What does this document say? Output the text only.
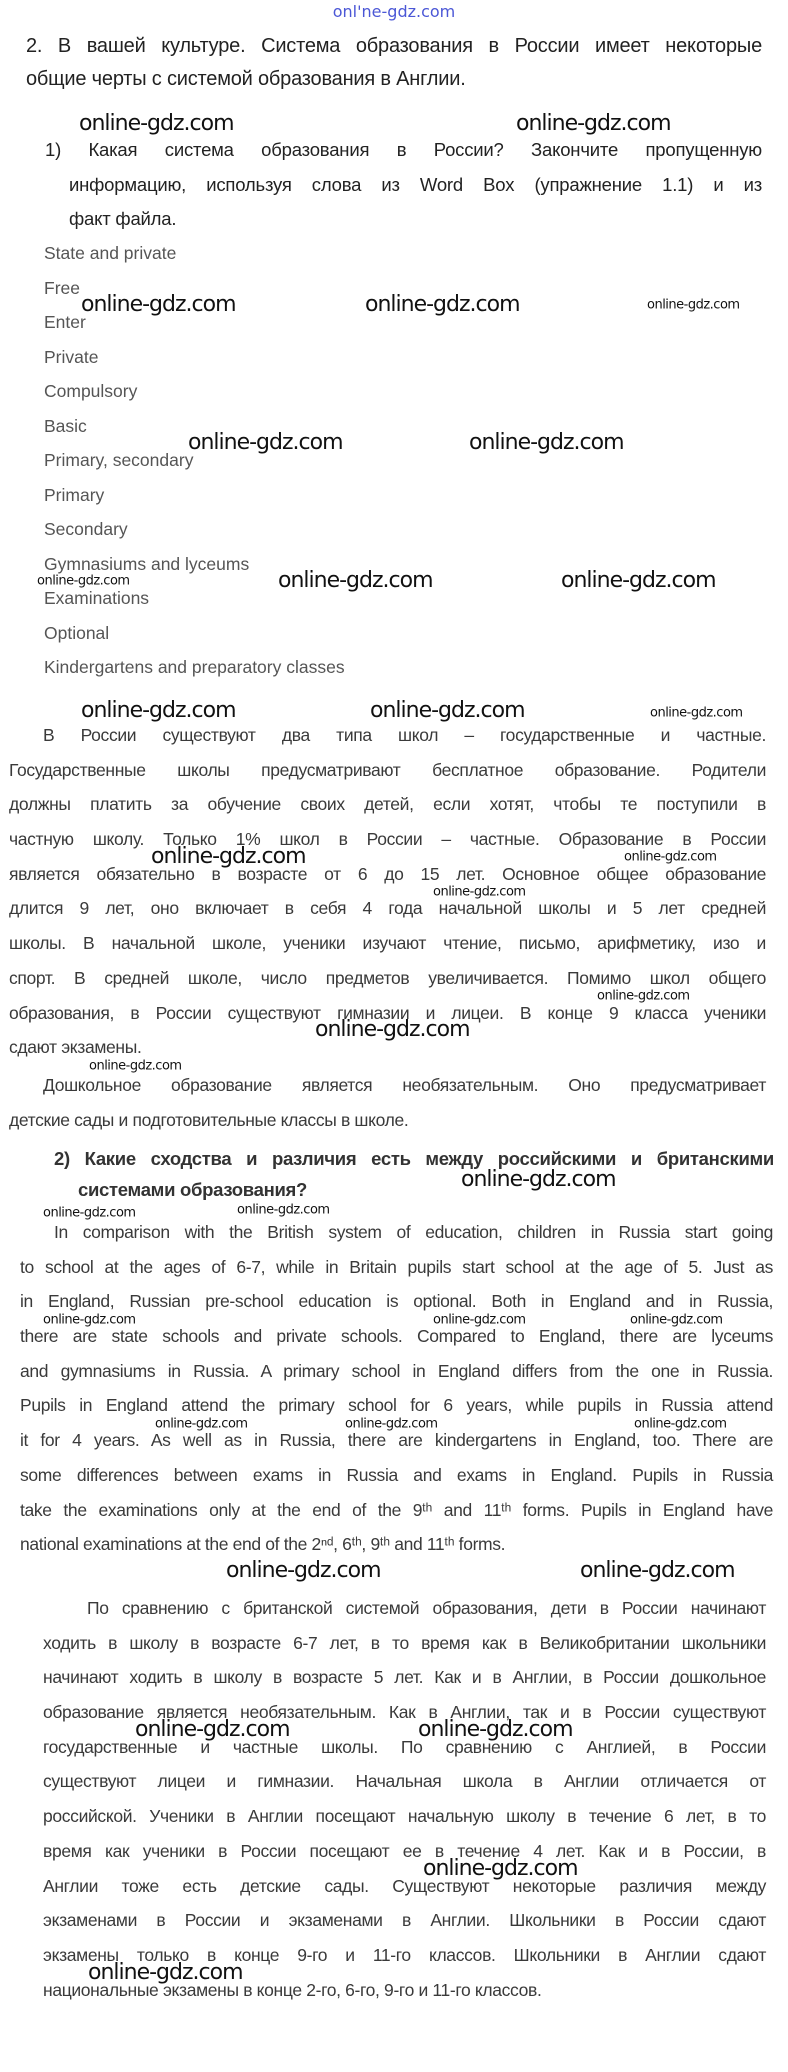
onl'ne-gdz.com
2. В вашей культуре. Система образования в России имеет некоторые
общие черты с системой образования в Англии.
1) Какая система образования в России? Закончите пропущенную
информацию, используя слова из Word Box (упражнение 1.1) и из
факт файла.
State and private
Free
Enter
Private
Compulsory
Basic
Primary, secondary
Primary
Secondary
Gymnasiums and lyceums
Examinations
Optional
Kindergartens and preparatory classes
В России существуют два типа школ – государственные и частные.
Государственные школы предусматривают бесплатное образование. Родители
должны платить за обучение своих детей, если хотят, чтобы те поступили в
частную школу. Только 1% школ в России – частные. Образование в России
является обязательно в возрасте от 6 до 15 лет. Основное общее образование
длится 9 лет, оно включает в себя 4 года начальной школы и 5 лет средней
школы. В начальной школе, ученики изучают чтение, письмо, арифметику, изо и
спорт. В средней школе, число предметов увеличивается. Помимо школ общего
образования, в России существуют гимназии и лицеи. В конце 9 класса ученики
сдают экзамены.
Дошкольное образование является необязательным. Оно предусматривает
детские сады и подготовительные классы в школе.
2) Какие сходства и различия есть между российскими и британскими
системами образования?
In comparison with the British system of education, children in Russia start going
to school at the ages of 6-7, while in Britain pupils start school at the age of 5. Just as
in England, Russian pre-school education is optional. Both in England and in Russia,
there are state schools and private schools. Compared to England, there are lyceums
and gymnasiums in Russia. A primary school in England differs from the one in Russia.
Pupils in England attend the primary school for 6 years, while pupils in Russia attend
it for 4 years. As well as in Russia, there are kindergartens in England, too. There are
some differences between exams in Russia and exams in England. Pupils in Russia
take the examinations only at the end of the 9ᵗʰ and 11ᵗʰ forms. Pupils in England have
national examinations at the end of the 2ⁿᵈ, 6ᵗʰ, 9ᵗʰ and 11ᵗʰ forms.
По сравнению с британской системой образования, дети в России начинают
ходить в школу в возрасте 6-7 лет, в то время как в Великобритании школьники
начинают ходить в школу в возрасте 5 лет. Как и в Англии, в России дошкольное
образование является необязательным. Как в Англии, так и в России существуют
государственные и частные школы. По сравнению с Англией, в России
существуют лицеи и гимназии. Начальная школа в Англии отличается от
российской. Ученики в Англии посещают начальную школу в течение 6 лет, в то
время как ученики в России посещают ее в течение 4 лет. Как и в России, в
Англии тоже есть детские сады. Существуют некоторые различия между
экзаменами в России и экзаменами в Англии. Школьники в России сдают
экзамены только в конце 9-го и 11-го классов. Школьники в Англии сдают
национальные экзамены в конце 2-го, 6-го, 9-го и 11-го классов.
online-gdz.com	online-gdz.com
online-gdz.com	online-gdz.com	online-gdz.com
online-gdz.com	online-gdz.com
online-gdz.com	online-gdz.com
online-gdz.com
online-gdz.com	online-gdz.com	online-gdz.com
online-gdz.com	online-gdz.com
online-gdz.com
online-gdz.com
online-gdz.com
online-gdz.com
online-gdz.com
online-gdz.com
online-gdz.com
online-gdz.com	online-gdz.com	online-gdz.com
online-gdz.com	online-gdz.com	online-gdz.com
online-gdz.com	online-gdz.com
online-gdz.com	online-gdz.com
online-gdz.com
online-gdz.com
